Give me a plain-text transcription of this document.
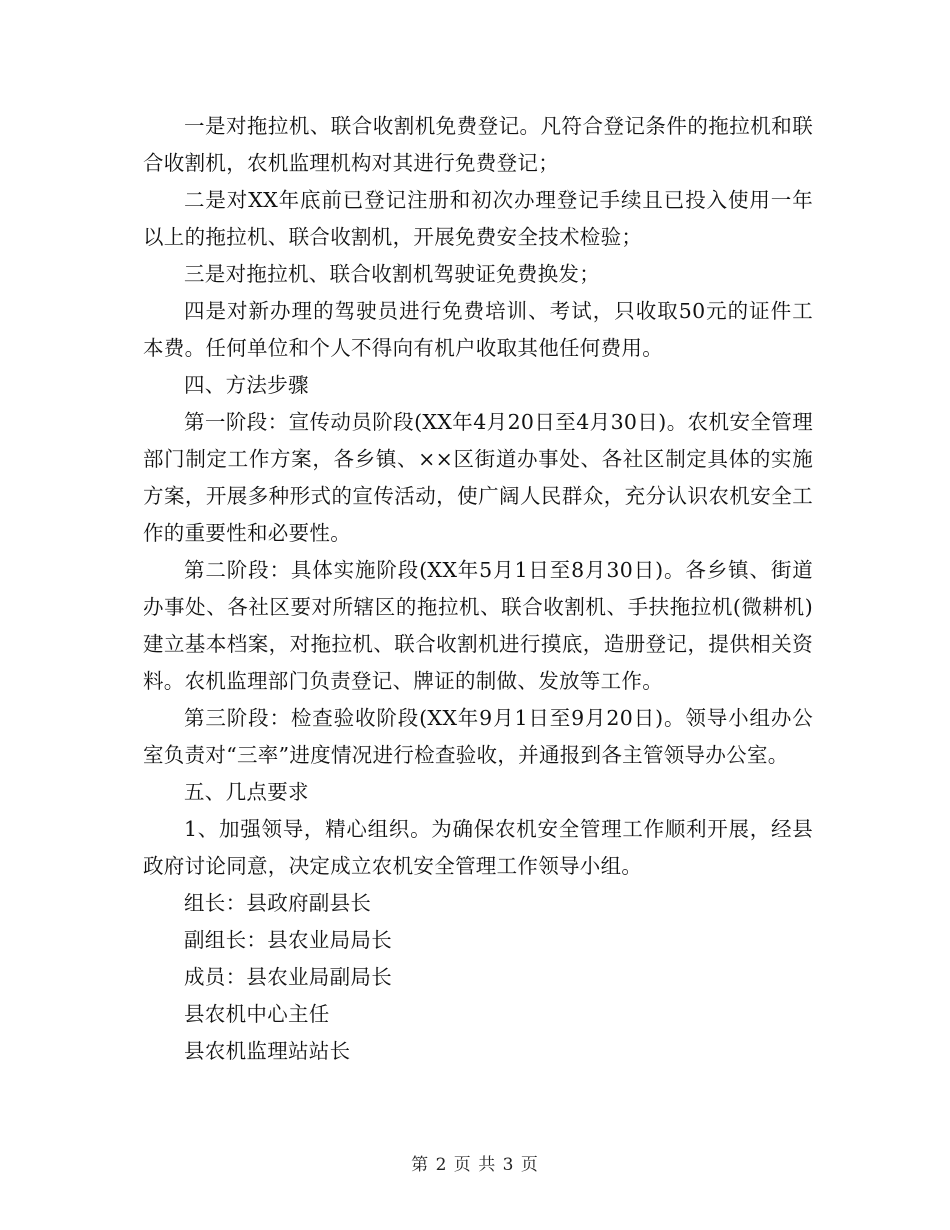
一是对拖拉机、联合收割机免费登记。凡符合登记条件的拖拉机和联合收割机，农机监理机构对其进行免费登记；

二是对XX年底前已登记注册和初次办理登记手续且已投入使用一年以上的拖拉机、联合收割机，开展免费安全技术检验；

三是对拖拉机、联合收割机驾驶证免费换发；

四是对新办理的驾驶员进行免费培训、考试，只收取50元的证件工本费。任何单位和个人不得向有机户收取其他任何费用。

四、方法步骤

第一阶段：宣传动员阶段(XX年4月20日至4月30日)。农机安全管理部门制定工作方案，各乡镇、××区街道办事处、各社区制定具体的实施方案，开展多种形式的宣传活动，使广阔人民群众，充分认识农机安全工作的重要性和必要性。

第二阶段：具体实施阶段(XX年5月1日至8月30日)。各乡镇、街道办事处、各社区要对所辖区的拖拉机、联合收割机、手扶拖拉机(微耕机)建立基本档案，对拖拉机、联合收割机进行摸底，造册登记，提供相关资料。农机监理部门负责登记、牌证的制做、发放等工作。

第三阶段：检查验收阶段(XX年9月1日至9月20日)。领导小组办公室负责对“三率”进度情况进行检查验收，并通报到各主管领导办公室。

五、几点要求

1、加强领导，精心组织。为确保农机安全管理工作顺利开展，经县政府讨论同意，决定成立农机安全管理工作领导小组。

组长：县政府副县长

副组长：县农业局局长

成员：县农业局副局长

县农机中心主任

县农机监理站站长

第 2 页 共 3 页
